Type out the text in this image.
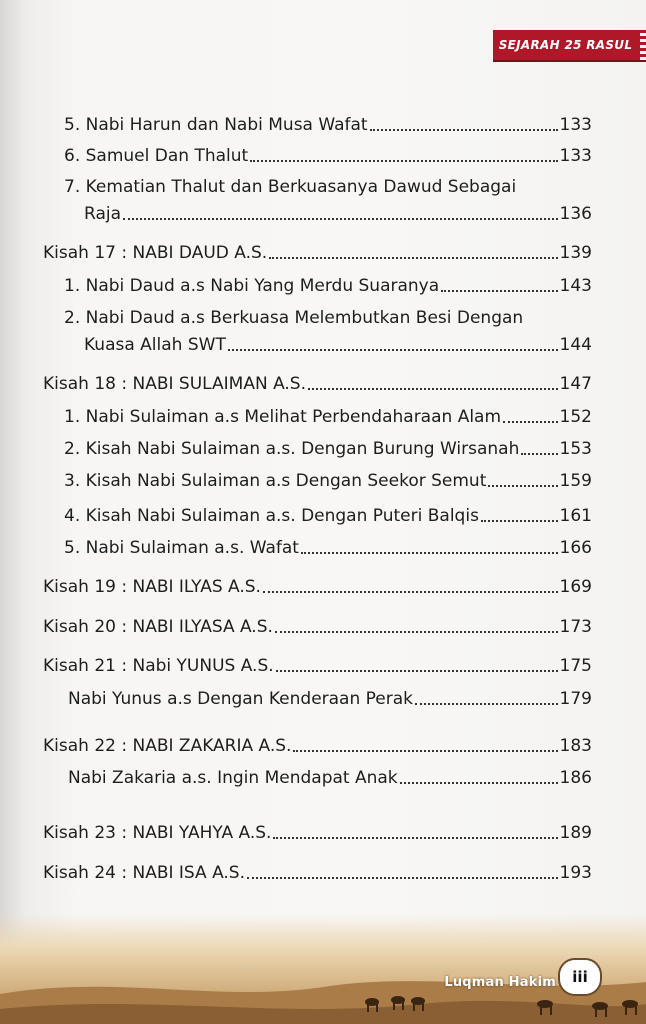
SEJARAH 25 RASUL
5. Nabi Harun dan Nabi Musa Wafat	133
6. Samuel Dan Thalut	133
7. Kematian Thalut dan Berkuasanya Dawud Sebagai
Raja	136
Kisah 17 : NABI DAUD A.S.	139
1. Nabi Daud a.s Nabi Yang Merdu Suaranya	143
2. Nabi Daud a.s Berkuasa Melembutkan Besi Dengan
Kuasa Allah SWT	144
Kisah 18 : NABI SULAIMAN A.S.	147
1. Nabi Sulaiman a.s Melihat Perbendaharaan Alam	152
2. Kisah Nabi Sulaiman a.s. Dengan Burung Wirsanah 153
3. Kisah Nabi Sulaiman a.s Dengan Seekor Semut	159
4. Kisah Nabi Sulaiman a.s. Dengan Puteri Balqis	161
5. Nabi Sulaiman a.s. Wafat	166
Kisah 19 : NABI ILYAS A.S.	169
Kisah 20 : NABI ILYASA A.S.	173
Kisah 21 : Nabi YUNUS A.S.	175
Nabi Yunus a.s Dengan Kenderaan Perak	179
Kisah 22 : NABI ZAKARIA A.S.	183
Nabi Zakaria a.s. Ingin Mendapat Anak	186
Kisah 23 : NABI YAHYA A.S.	189
Kisah 24 : NABI ISA A.S.	193
Luqman Hakim	iii
